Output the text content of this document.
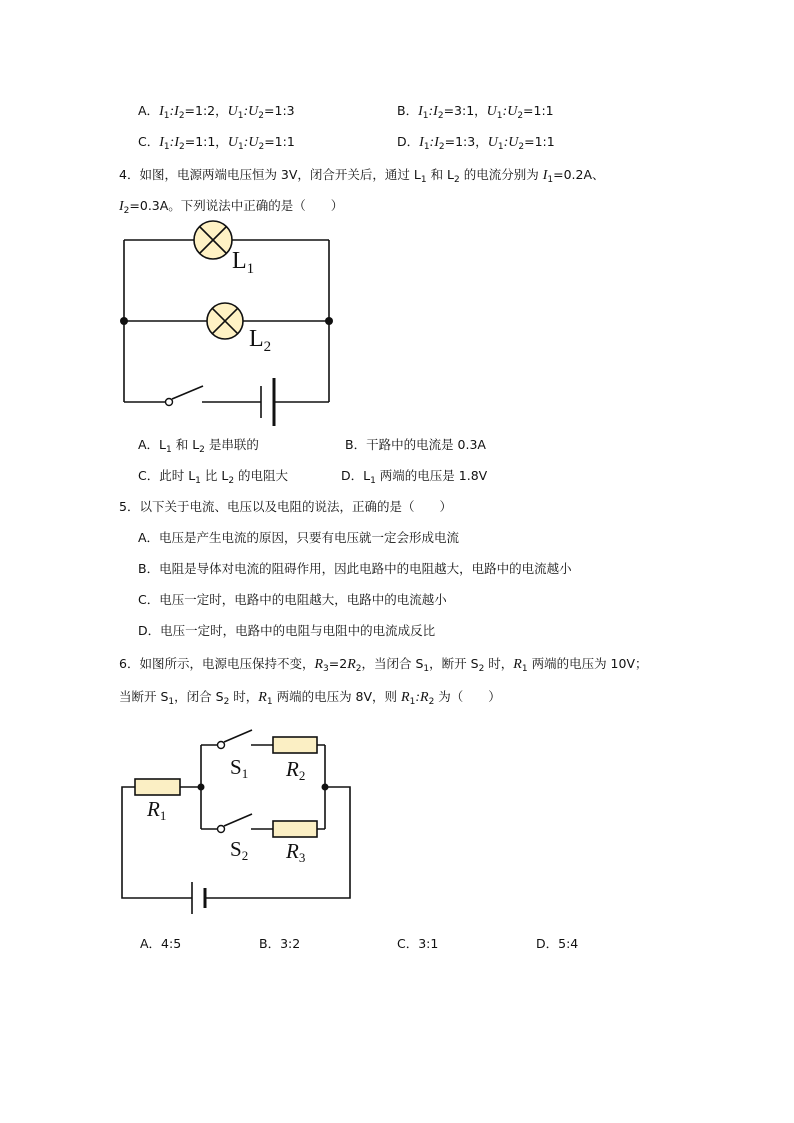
A．$I_1:I_2=1:2$，$U_1:U_2=1:3$	B．$I_1:I_2=3:1$，$U_1:U_2=1:1$
C．$I_1:I_2=1:1$，$U_1:U_2=1:1$	D．$I_1:I_2=1:3$，$U_1:U_2=1:1$
4．如图，电源两端电压恒为 3V，闭合开关后，通过 $L_1$ 和 $L_2$ 的电流分别为 $I_1=0.2A$、
$I_2=0.3A$。下列说法中正确的是（　　）
$L_1$
$L_2$
A．$L_1$ 和 $L_2$ 是串联的	B．干路中的电流是 0.3A
C．此时 $L_1$ 比 $L_2$ 的电阻大	D．$L_1$ 两端的电压是 1.8V
5．以下关于电流、电压以及电阻的说法，正确的是（　　）
A．电压是产生电流的原因，只要有电压就一定会形成电流
B．电阻是导体对电流的阻碍作用，因此电路中的电阻越大，电路中的电流越小
C．电压一定时，电路中的电阻越大，电路中的电流越小
D．电压一定时，电路中的电阻与电阻中的电流成反比
6．如图所示，电源电压保持不变，$R_3=2R_2$，当闭合 $S_1$，断开 $S_2$ 时，$R_1$ 两端的电压为 10V；
当断开 $S_1$，闭合 $S_2$ 时，$R_1$ 两端的电压为 8V，则 $R_1:R_2$ 为（　　）
S1 R2
R1
S2 R3
A．4:5	B．3:2	C．3:1	D．5:4
